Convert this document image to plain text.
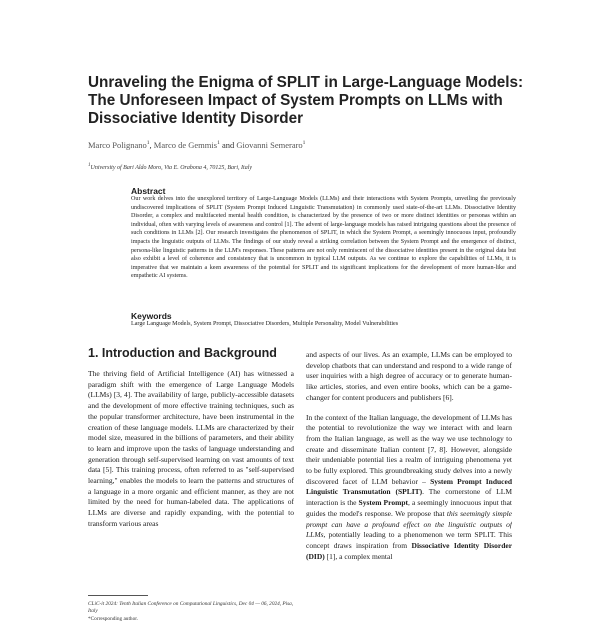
Unraveling the Enigma of SPLIT in Large-Language Models: The Unforeseen Impact of System Prompts on LLMs with Dissociative Identity Disorder
Marco Polignano$^1$, Marco de Gemmis$^1$ and Giovanni Semeraro$^1$
$^1$University of Bari Aldo Moro, Via E. Orabona 4, 70125, Bari, Italy
Abstract
Our work delves into the unexplored territory of Large-Language Models (LLMs) and their interactions with System Prompts, unveiling the previously undiscovered implications of SPLIT (System Prompt Induced Linguistic Transmutation) in commonly used state-of-the-art LLMs. Dissociative Identity Disorder, a complex and multifaceted mental health condition, is characterized by the presence of two or more distinct identities or personas within an individual, often with varying levels of awareness and control [1]. The advent of large-language models has raised intriguing questions about the presence of such conditions in LLMs [2]. Our research investigates the phenomenon of SPLIT, in which the System Prompt, a seemingly innocuous input, profoundly impacts the linguistic outputs of LLMs. The findings of our study reveal a striking correlation between the System Prompt and the emergence of distinct, persona-like linguistic patterns in the LLM's responses. These patterns are not only reminiscent of the dissociative identities present in the original data but also exhibit a level of coherence and consistency that is uncommon in typical LLM outputs. As we continue to explore the capabilities of LLMs, it is imperative that we maintain a keen awareness of the potential for SPLIT and its significant implications for the development of more human-like and empathetic AI systems.
Keywords
Large Language Models, System Prompt, Dissociative Disorders, Multiple Personality, Model Vulnerabilities
1. Introduction and Background

The thriving field of Artificial Intelligence (AI) has witnessed a paradigm shift with the emergence of Large Language Models (LLMs) [3, 4]. The availability of large, publicly-accessible datasets and the development of more effective training techniques, such as the popular transformer architecture, have been instrumental in the creation of these language models. LLMs are characterized by their model size, measured in the billions of parameters, and their ability to learn and improve upon the tasks of language understanding and generation through self-supervised learning on vast amounts of text data [5]. This training process, often referred to as "self-supervised learning," enables the models to learn the patterns and structures of a language in a more organic and efficient manner, as they are not limited by the need for human-labeled data. The applications of LLMs are diverse and rapidly expanding, with the potential to transform various areas

and aspects of our lives. As an example, LLMs can be employed to develop chatbots that can understand and respond to a wide range of user inquiries with a high degree of accuracy or to generate human-like articles, stories, and even entire books, which can be a game-changer for content producers and publishers [6].

In the context of the Italian language, the development of LLMs has the potential to revolutionize the way we interact with and learn from the Italian language, as well as the way we use technology to create and disseminate Italian content [7, 8]. However, alongside their undeniable potential lies a realm of intriguing phenomena yet to be fully explored. This groundbreaking study delves into a newly discovered facet of LLM behavior – System Prompt Induced Linguistic Transmutation (SPLIT). The cornerstone of LLM interaction is the System Prompt, a seemingly innocuous input that guides the model's response. We propose that this seemingly simple prompt can have a profound effect on the linguistic outputs of LLMs, potentially leading to a phenomenon we term SPLIT. This concept draws inspiration from Dissociative Identity Disorder (DID) [1], a complex mental

CLiC-it 2024: Tenth Italian Conference on Computational Linguistics, Dec 04 — 06, 2024, Pisa, Italy
*Corresponding author.
